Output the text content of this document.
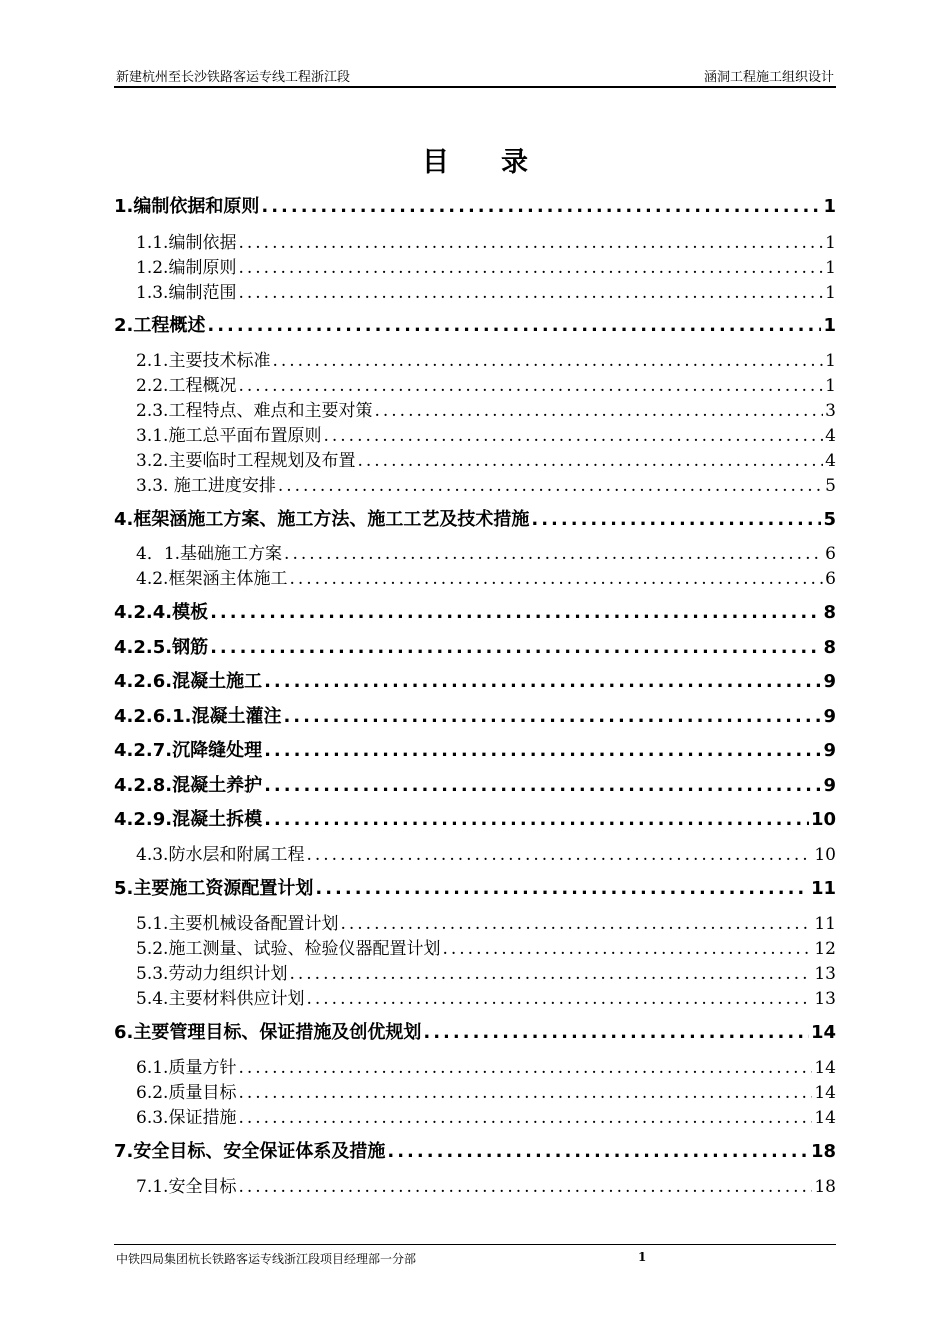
新建杭州至长沙铁路客运专线工程浙江段	涵洞工程施工组织设计
目录
1.编制依据和原则 .....	1
1.1.编制依据 .....	1
1.2.编制原则 .....	1
1.3.编制范围 .....	1
2.工程概述 .....	1
2.1.主要技术标准 .....	1
2.2.工程概况 .....	1
2.3.工程特点、难点和主要对策 .....	3
3.1.施工总平面布置原则 .....	4
3.2.主要临时工程规划及布置 .....	4
3.3. 施工进度安排 .....	5
4.框架涵施工方案、施工方法、施工工艺及技术措施 .....	5
4．1.基础施工方案 .....	6
4.2.框架涵主体施工 .....	6
4.2.4.模板 .....	8
4.2.5.钢筋 .....	8
4.2.6.混凝土施工 .....	9
4.2.6.1.混凝土灌注 .....	9
4.2.7.沉降缝处理 .....	9
4.2.8.混凝土养护 .....	9
4.2.9.混凝土拆模 .....	10
4.3.防水层和附属工程 .....	10
5.主要施工资源配置计划 .....	11
5.1.主要机械设备配置计划 .....	11
5.2.施工测量、试验、检验仪器配置计划 .....	12
5.3.劳动力组织计划 .....	13
5.4.主要材料供应计划 .....	13
6.主要管理目标、保证措施及创优规划 .....	14
6.1.质量方针 .....	14
6.2.质量目标 .....	14
6.3.保证措施 .....	14
7.安全目标、安全保证体系及措施 .....	18
7.1.安全目标 .....	18
中铁四局集团杭长铁路客运专线浙江段项目经理部一分部	1
